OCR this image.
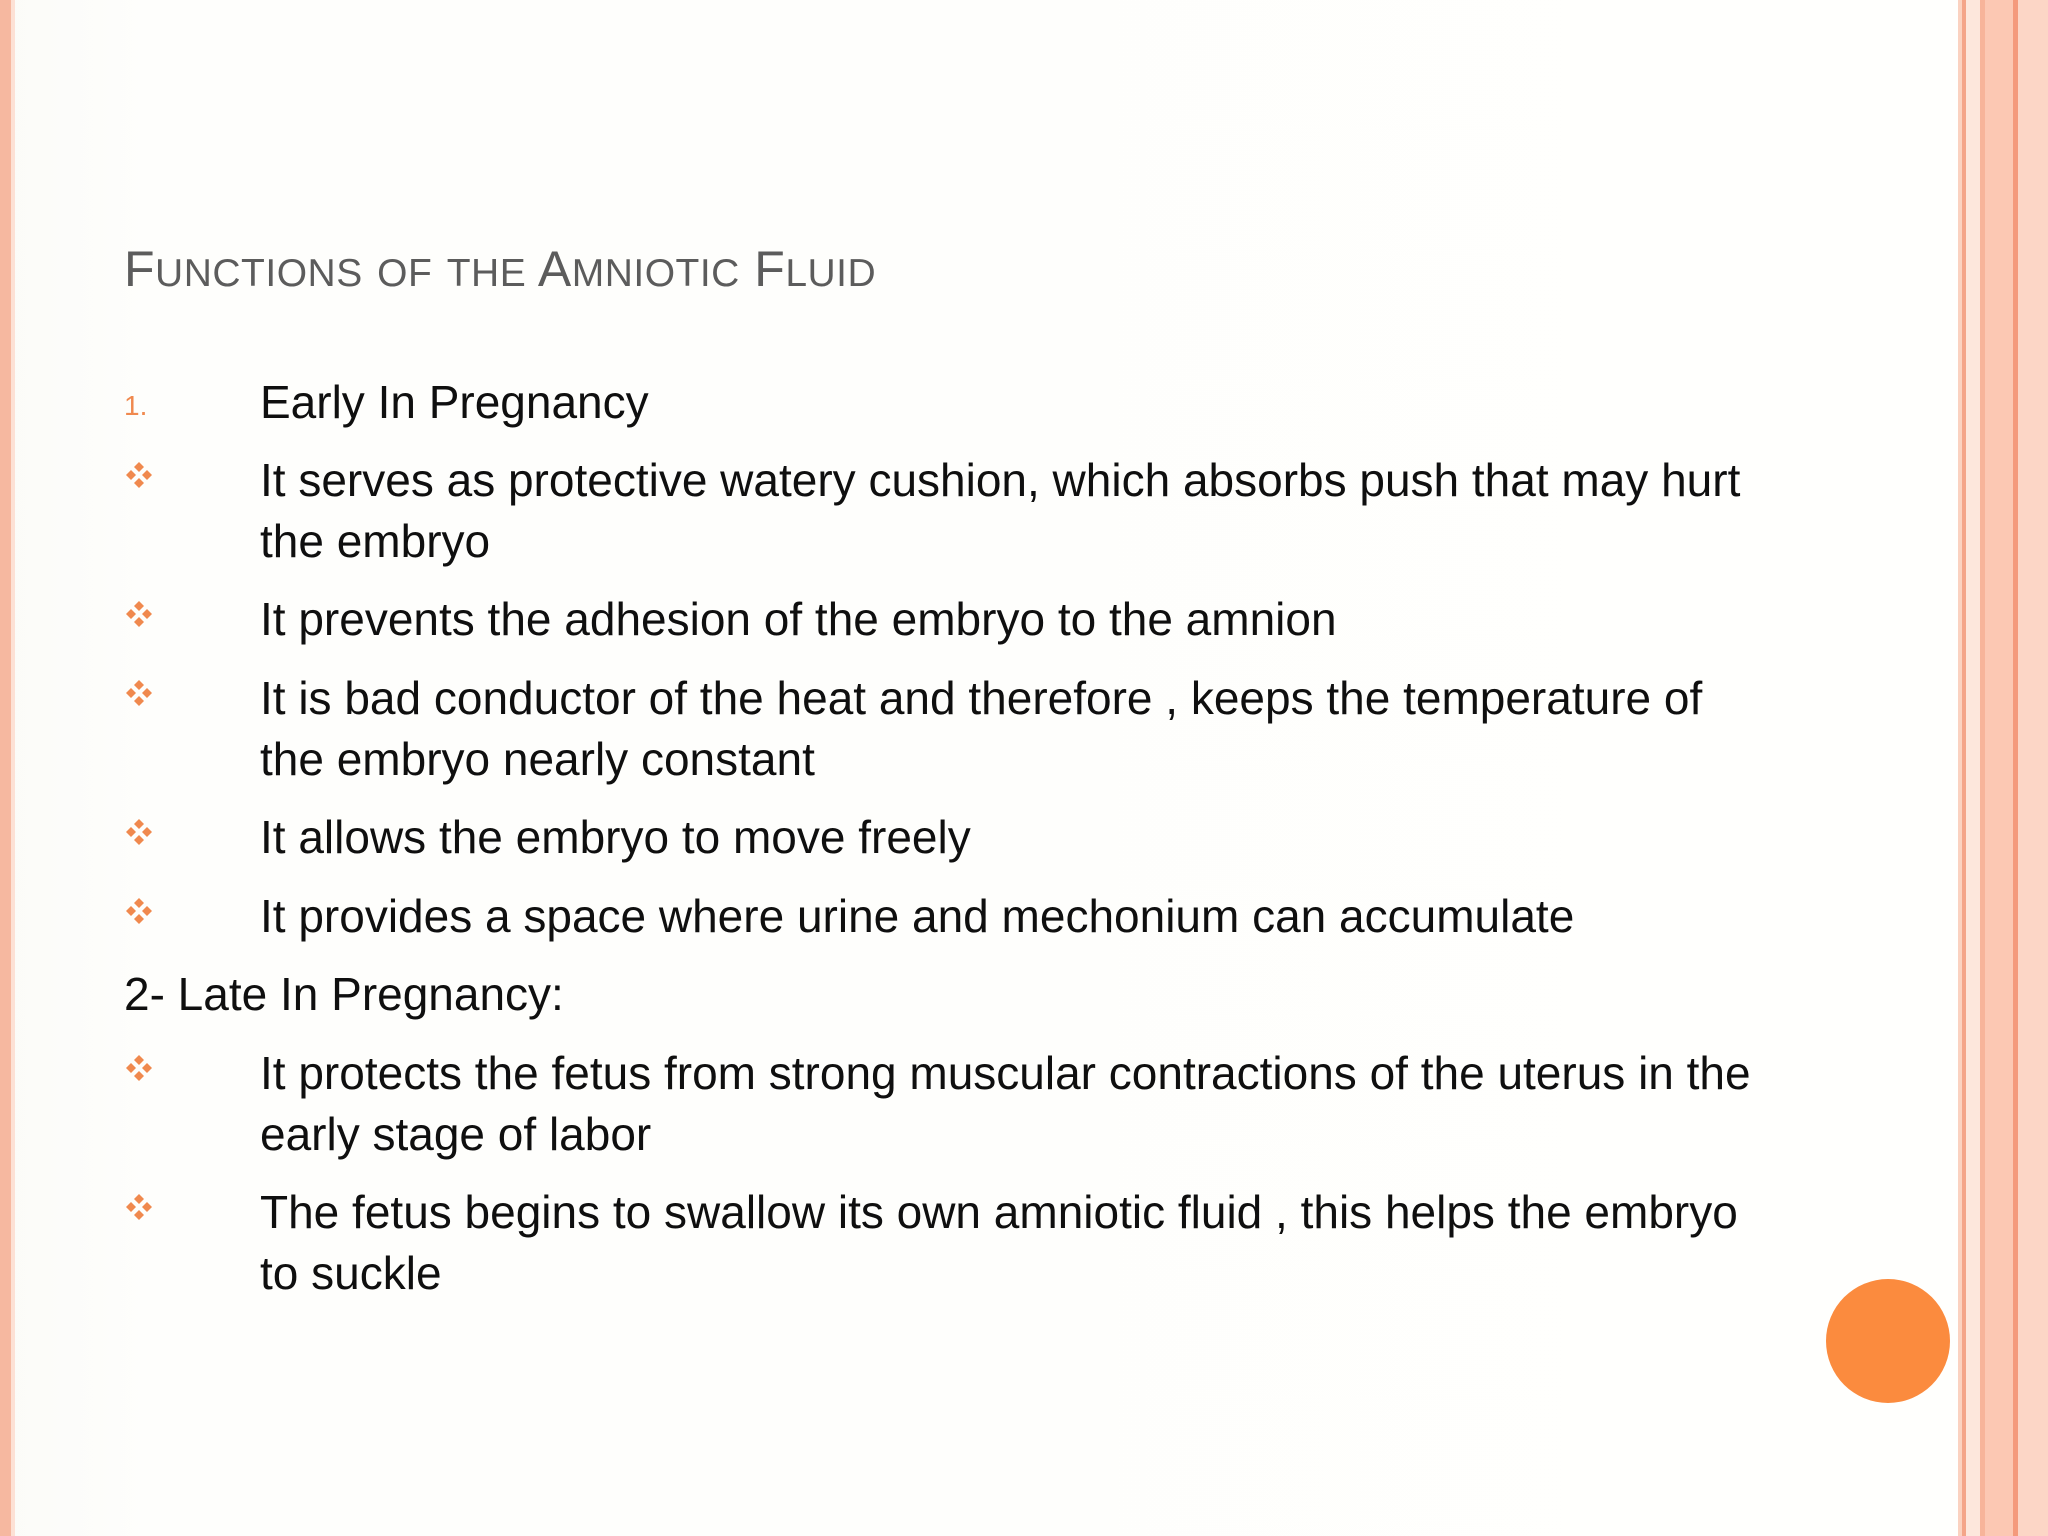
FUNCTIONS OF THE AMNIOTIC FLUID
1. Early In Pregnancy
It serves as protective watery cushion, which absorbs push that may hurt the embryo
It prevents the adhesion of the embryo to the amnion
It is bad conductor of the heat and therefore , keeps the temperature of the embryo nearly constant
It allows the embryo to move freely
It provides a space where urine and mechonium can accumulate
2- Late In Pregnancy:
It protects the fetus from strong muscular contractions of the uterus in the early stage of labor
The fetus begins to swallow its own amniotic fluid , this helps the embryo to suckle
